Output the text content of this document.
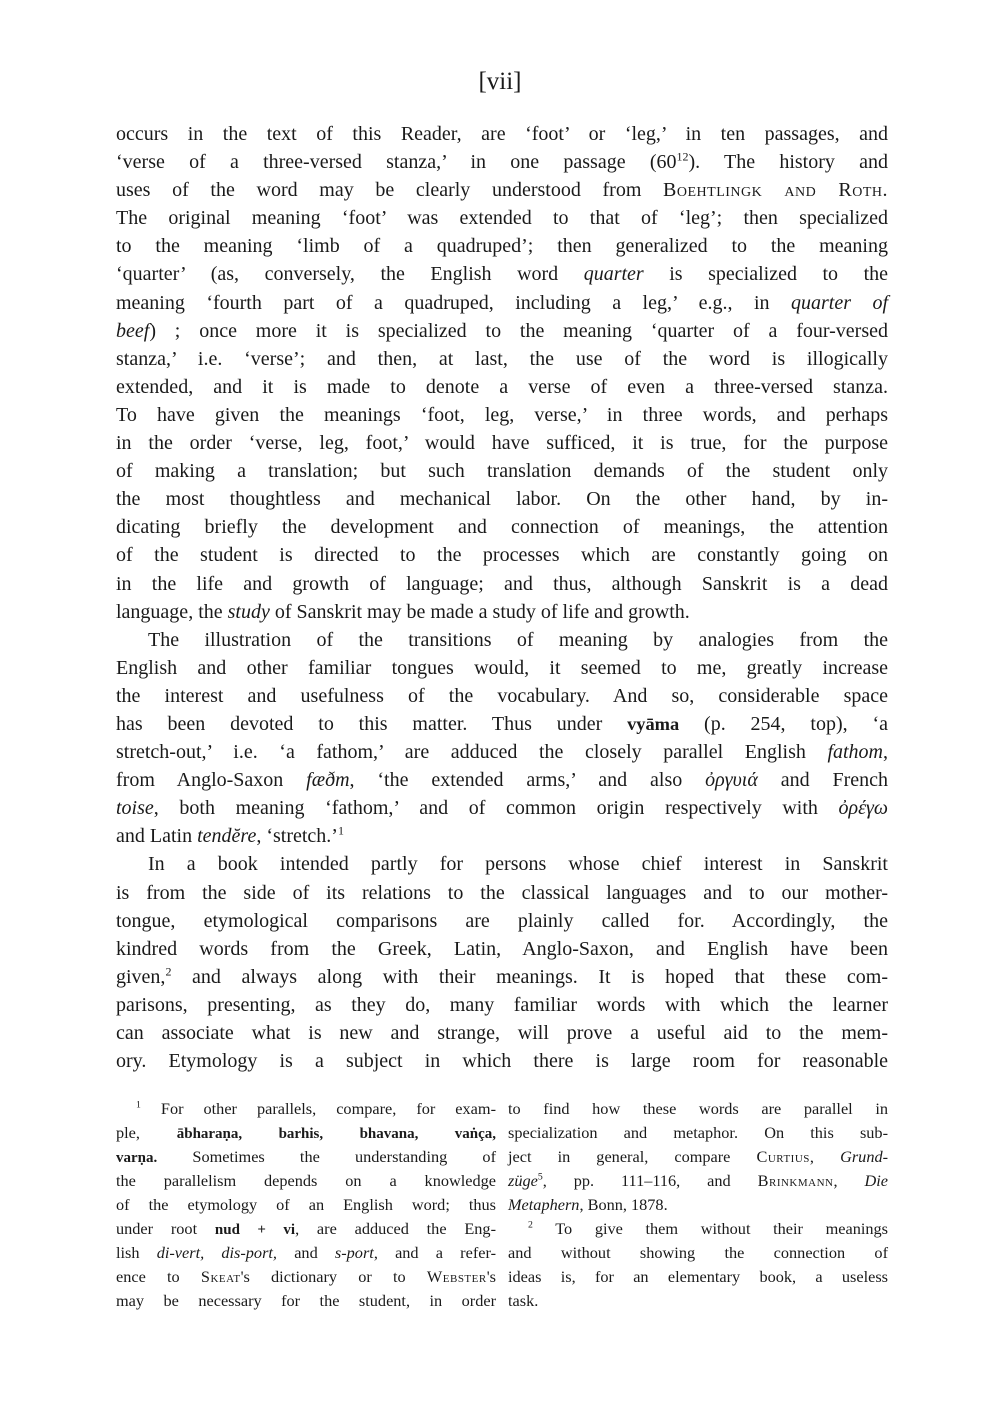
[vii]
occurs in the text of this Reader, are ‘foot’ or ‘leg,’ in ten passages, and
‘verse of a three-versed stanza,’ in one passage $(60^{12})$. The history and
uses of the word may be clearly understood from Boehtlingk and Roth.
The original meaning ‘foot’ was extended to that of ‘leg’; then specialized
to the meaning ‘limb of a quadruped’; then generalized to the meaning
‘quarter’ (as, conversely, the English word quarter is specialized to the
meaning ‘fourth part of a quadruped, including a leg,’ e.g., in quarter of
beef) ; once more it is specialized to the meaning ‘quarter of a four-versed
stanza,’ i.e. ‘verse’; and then, at last, the use of the word is illogically
extended, and it is made to denote a verse of even a three-versed stanza.
To have given the meanings ‘foot, leg, verse,’ in three words, and perhaps
in the order ‘verse, leg, foot,’ would have sufficed, it is true, for the purpose
of making a translation; but such translation demands of the student only
the most thoughtless and mechanical labor. On the other hand, by in-
dicating briefly the development and connection of meanings, the attention
of the student is directed to the processes which are constantly going on
in the life and growth of language; and thus, although Sanskrit is a dead
language, the study of Sanskrit may be made a study of life and growth.
The illustration of the transitions of meaning by analogies from the
English and other familiar tongues would, it seemed to me, greatly increase
the interest and usefulness of the vocabulary. And so, considerable space
has been devoted to this matter. Thus under vyāma (p. 254, top), ‘a
stretch-out,’ i.e. ‘a fathom,’ are adduced the closely parallel English fathom,
from Anglo-Saxon fæðm, ‘the extended arms,’ and also ὀργυιά and French
toise, both meaning ‘fathom,’ and of common origin respectively with ὀρέγω
and Latin tendĕre, ‘stretch.’$^1$
In a book intended partly for persons whose chief interest in Sanskrit
is from the side of its relations to the classical languages and to our mother-
tongue, etymological comparisons are plainly called for. Accordingly, the
kindred words from the Greek, Latin, Anglo-Saxon, and English have been
given,$^2$ and always along with their meanings. It is hoped that these com-
parisons, presenting, as they do, many familiar words with which the learner
can associate what is new and strange, will prove a useful aid to the mem-
ory. Etymology is a subject in which there is large room for reasonable
$^1$ For other parallels, compare, for exam-
ple, ābharaṇa, barhis, bhavana, vaṅça,
varṇa. Sometimes the understanding of
the parallelism depends on a knowledge
of the etymology of an English word; thus
under root nud + vi, are adduced the Eng-
lish di-vert, dis-port, and s-port, and a refer-
ence to Skeat's dictionary or to Webster's
may be necessary for the student, in order
to find how these words are parallel in
specialization and metaphor. On this sub-
ject in general, compare Curtius, Grund-
züge$^5$, pp. 111–116, and Brinkmann, Die
Metaphern, Bonn, 1878.
$^2$ To give them without their meanings
and without showing the connection of
ideas is, for an elementary book, a useless
task.
